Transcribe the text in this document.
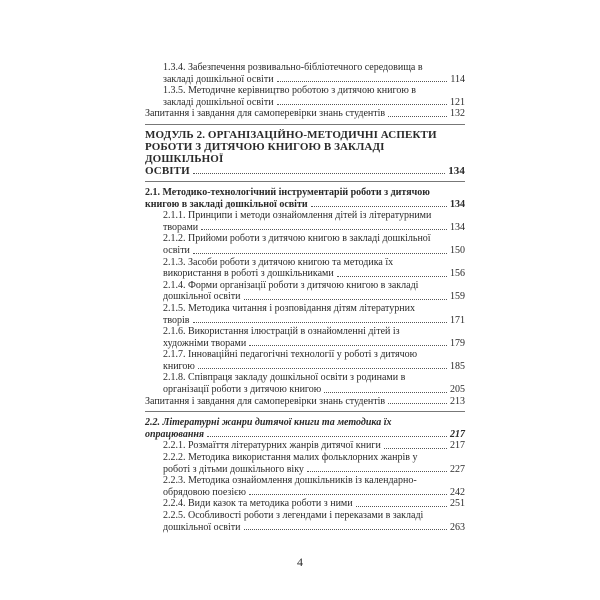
1.3.4. Забезпечення розвивально-бібліотечного середовища в
закладі дошкільної освіти	114
1.3.5. Методичне керівництво роботою з дитячою книгою в
закладі дошкільної освіти	121
Запитання і завдання для самоперевірки знань студентів	132
МОДУЛЬ 2. ОРГАНІЗАЦІЙНО-МЕТОДИЧНІ АСПЕКТИ
РОБОТИ З ДИТЯЧОЮ КНИГОЮ В ЗАКЛАДІ ДОШКІЛЬНОЇ
ОСВІТИ	134
2.1. Методико-технологічний інструментарій роботи з дитячою
книгою в закладі дошкільної освіти	134
2.1.1. Принципи і методи ознайомлення дітей із літературними
творами	134
2.1.2. Прийоми роботи з дитячою книгою в закладі дошкільної
освіти	150
2.1.3. Засоби роботи з дитячою книгою та методика їх
використання в роботі з дошкільниками	156
2.1.4. Форми організації роботи з дитячою книгою в закладі
дошкільної освіти	159
2.1.5. Методика читання і розповідання дітям літературних
творів	171
2.1.6. Використання ілюстрацій в ознайомленні дітей із
художніми творами	179
2.1.7. Інноваційні педагогічні технології у роботі з дитячою
книгою	185
2.1.8. Співпраця закладу дошкільної освіти з родинами в
організації роботи з дитячою книгою	205
Запитання і завдання для самоперевірки знань студентів	213
2.2. Літературні жанри дитячої книги та методика їх
опрацювання	217
2.2.1. Розмаїття літературних жанрів дитячої книги	217
2.2.2. Методика використання малих фольклорних жанрів у
роботі з дітьми дошкільного віку	227
2.2.3. Методика ознайомлення дошкільників із календарно-
обрядовою поезією	242
2.2.4. Види казок та методика роботи з ними	251
2.2.5. Особливості роботи з легендами і переказами в закладі
дошкільної освіти	263
4
